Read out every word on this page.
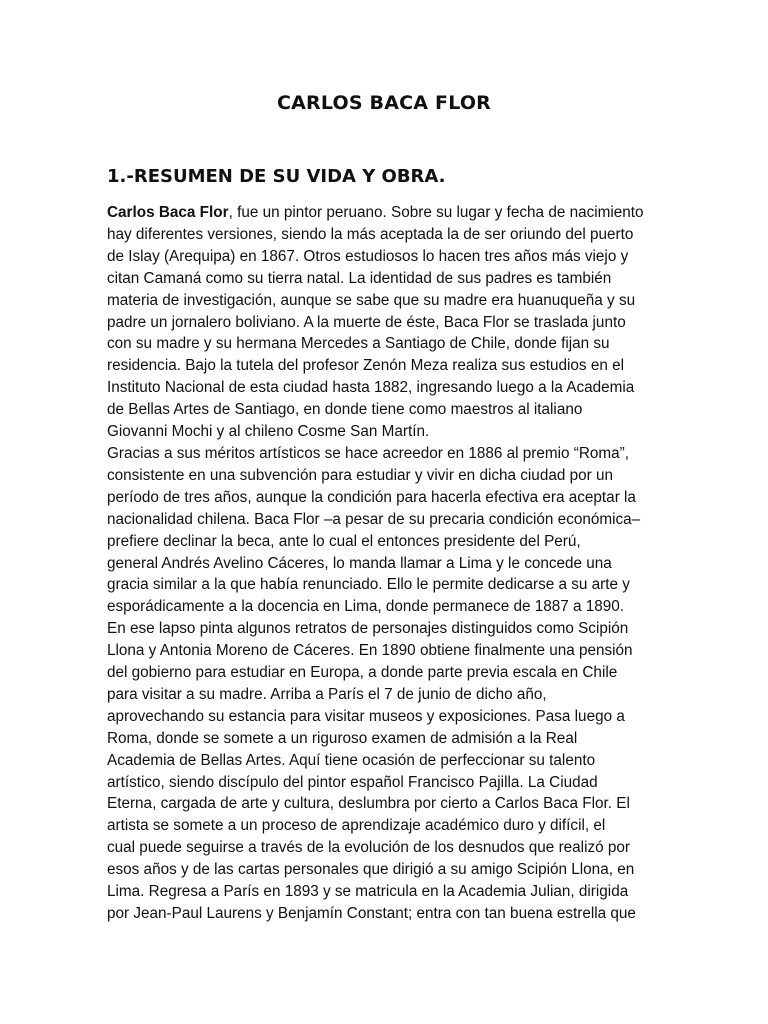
CARLOS BACA FLOR
1.-RESUMEN DE SU VIDA Y OBRA.
Carlos Baca Flor, fue un pintor peruano. Sobre su lugar y fecha de nacimiento
hay diferentes versiones, siendo la más aceptada la de ser oriundo del puerto
de Islay (Arequipa) en 1867. Otros estudiosos lo hacen tres años más viejo y
citan Camaná como su tierra natal. La identidad de sus padres es también
materia de investigación, aunque se sabe que su madre era huanuqueña y su
padre un jornalero boliviano. A la muerte de éste, Baca Flor se traslada junto
con su madre y su hermana Mercedes a Santiago de Chile, donde fijan su
residencia. Bajo la tutela del profesor Zenón Meza realiza sus estudios en el
Instituto Nacional de esta ciudad hasta 1882, ingresando luego a la Academia
de Bellas Artes de Santiago, en donde tiene como maestros al italiano
Giovanni Mochi y al chileno Cosme San Martín.
Gracias a sus méritos artísticos se hace acreedor en 1886 al premio “Roma”,
consistente en una subvención para estudiar y vivir en dicha ciudad por un
período de tres años, aunque la condición para hacerla efectiva era aceptar la
nacionalidad chilena. Baca Flor –a pesar de su precaria condición económica–
prefiere declinar la beca, ante lo cual el entonces presidente del Perú,
general Andrés Avelino Cáceres, lo manda llamar a Lima y le concede una
gracia similar a la que había renunciado. Ello le permite dedicarse a su arte y
esporádicamente a la docencia en Lima, donde permanece de 1887 a 1890.
En ese lapso pinta algunos retratos de personajes distinguidos como Scipión
Llona y Antonia Moreno de Cáceres. En 1890 obtiene finalmente una pensión
del gobierno para estudiar en Europa, a donde parte previa escala en Chile
para visitar a su madre. Arriba a París el 7 de junio de dicho año,
aprovechando su estancia para visitar museos y exposiciones. Pasa luego a
Roma, donde se somete a un riguroso examen de admisión a la Real
Academia de Bellas Artes. Aquí tiene ocasión de perfeccionar su talento
artístico, siendo discípulo del pintor español Francisco Pajilla. La Ciudad
Eterna, cargada de arte y cultura, deslumbra por cierto a Carlos Baca Flor. El
artista se somete a un proceso de aprendizaje académico duro y difícil, el
cual puede seguirse a través de la evolución de los desnudos que realizó por
esos años y de las cartas personales que dirigió a su amigo Scipión Llona, en
Lima. Regresa a París en 1893 y se matricula en la Academia Julian, dirigida
por Jean-Paul Laurens y Benjamín Constant; entra con tan buena estrella que
